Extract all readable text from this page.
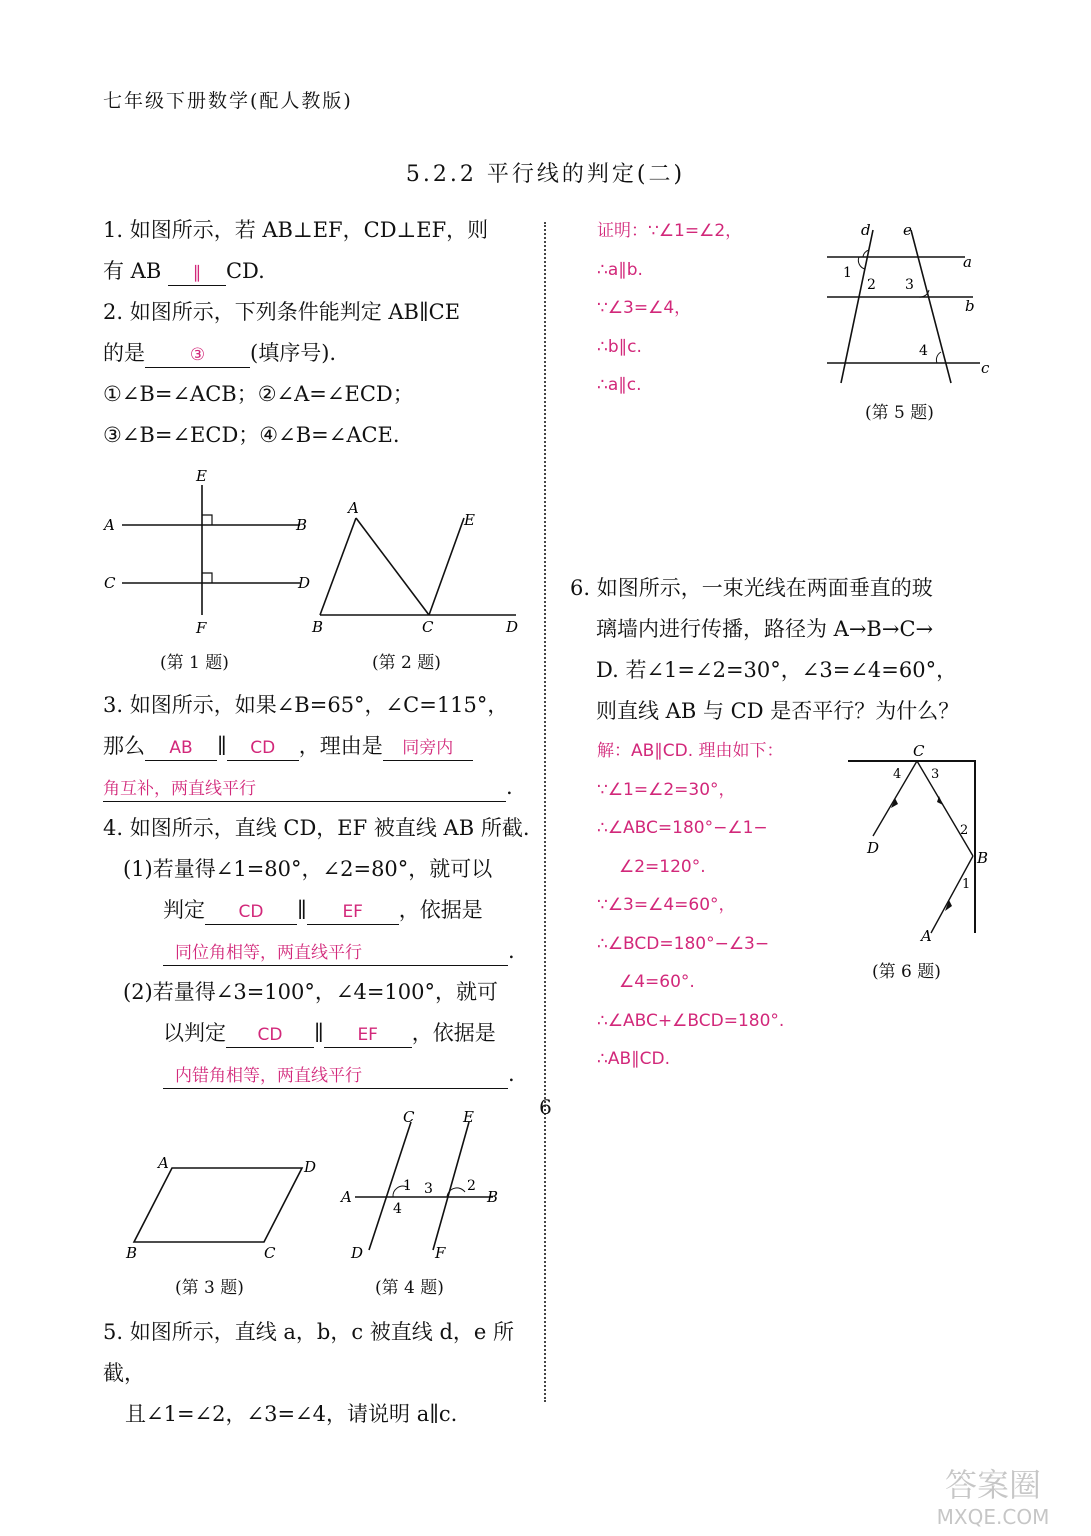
七年级下册数学(配人教版)
5.2.2 平行线的判定(二)
1. 如图所示，若 AB⊥EF，CD⊥EF，则
有 AB ∥ CD.
2. 如图所示，下列条件能判定 AB∥CE
的是	③ (填序号).
①∠B=∠ACB；②∠A=∠ECD；
③∠B=∠ECD；④∠B=∠ACE.
E
A	B
C	D
F
(第 1 题)
A
E
B	C	D
(第 2 题)
3. 如图所示，如果∠B=65°，∠C=115°，
那么 AB ∥ CD ，理由是 同旁内
角互补，两直线平行	.
4. 如图所示，直线 CD，EF 被直线 AB 所截.
(1)若量得∠1=80°，∠2=80°，就可以
判定 CD ∥ EF ，依据是
同位角相等，两直线平行	.
(2)若量得∠3=100°，∠4=100°，就可
以判定 CD ∥ EF ，依据是
内错角相等，两直线平行	.
A	D
B	C
(第 3 题)
C	E
A
1 3 2
B
4
D	F
(第 4 题)
5. 如图所示，直线 a，b，c 被直线 d，e 所截，
且∠1=∠2，∠3=∠4，请说明 a∥c.
证明：∵∠1=∠2，
∴a∥b.
∵∠3=∠4，
∴b∥c.
∴a∥c.
d e
a
1
2 3
b
4
c
(第 5 题)
6. 如图所示，一束光线在两面垂直的玻
璃墙内进行传播，路径为 A→B→C→
D. 若∠1=∠2=30°，∠3=∠4=60°，
则直线 AB 与 CD 是否平行？为什么？
解：AB∥CD. 理由如下：
∵∠1=∠2=30°，
∴∠ABC=180°−∠1−
∠2=120°.
∵∠3=∠4=60°，
∴∠BCD=180°−∠3−
∠4=60°.
∴∠ABC+∠BCD=180°.
∴AB∥CD.
C
4 3
2
D
B
1
A
(第 6 题)
6
答案圈
MXQE.COM
